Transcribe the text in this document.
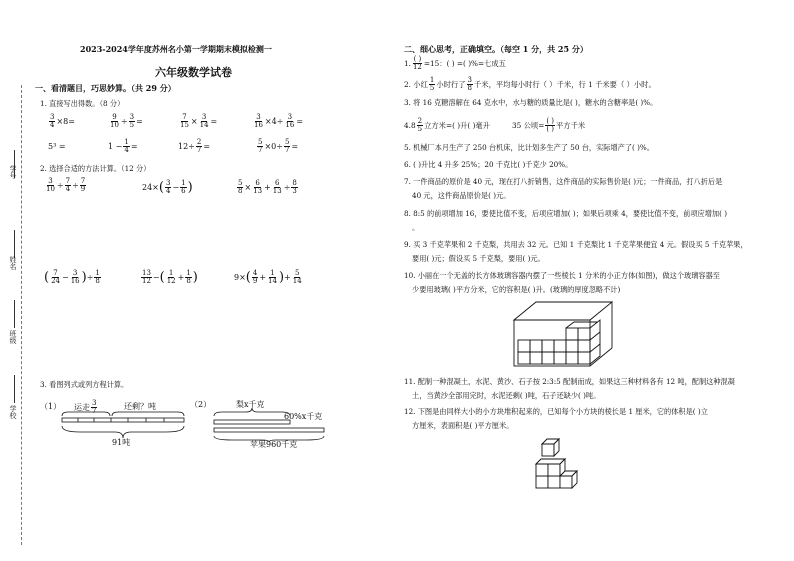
2023-2024学年度苏州名小第一学期期末模拟检测一
六年级数学试卷
学号
姓名
班级
学校
一、看清题目，巧思妙算。（共 29 分）
1. 直接写出得数。（8 分）
$\frac{3}{4} \times 8=$	$\frac{9}{10} \div \frac{3}{5}$ =	$\frac{7}{15} \times \frac{3}{14}$ =	$\frac{3}{16} \times 4\div \frac{3}{16}$ =
5³ =	$1 - \frac{1}{4}$ =	$12\div \frac{2}{7}$ =	$\frac{5}{7} \times 0\div \frac{5}{7}$ =
2. 选择合适的方法计算。（12 分）
$\frac{3}{10} \div \frac{7}{4} \div \frac{7}{9}$	24× ( $\frac{3}{4} - \frac{1}{6}$ )	$\frac{5}{8} \times \frac{6}{13} + \frac{6}{13} \div \frac{8}{3}$
( $\frac{7}{24} - \frac{3}{16}$ ) ÷ $\frac{1}{8}$	$\frac{13}{12}$ − ( $\frac{1}{12} + \frac{1}{8}$ )	9× ( $\frac{4}{9} + \frac{1}{14}$ ) + $\frac{5}{14}$
3. 看图列式或列方程计算。
（1） 运走 $\frac{3}{7}$	还剩？吨
91吨
（2）	梨x千克
60%x千克
苹果960千克
二、细心思考，正确填空。（每空 1 分，共 25 分）
1. $\frac{( )}{12} =15$：( ) =( )%=七成五
2. 小红 $\frac{1}{5}$ 小时行了 $\frac{3}{8}$ 千米，平均每小时行（ ）千米，行 1 千米要（ ）小时。
3. 将 16 克糖溶解在 64 克水中，水与糖的质量比是( )，糖水的含糖率是( )%。
4. $8 \frac{2}{5}$ 立方米=( )升( )毫升	35 公顷= $\frac{( )}{( )}$ 平方千米
5. 机械厂本月生产了 250 台机床，比计划多生产了 50 台，实际增产了( )%。
6. ( )升比 4 升多 25%；20 千克比( )千克少 20%。
7. 一件商品的原价是 40 元，现在打八折销售，这件商品的实际售价是( )元；一件商品，打八折后是
40 元，这件商品原价是( )元。
8. 8:5 的前项增加 16，要使比值不变，后项应增加( )；如果后项乘 4，要使比值不变，前项应增加( )
。
9. 买 3 千克苹果和 2 千克梨，共用去 32 元。已知 1 千克梨比 1 千克苹果便宜 4 元。假设买 5 千克苹果，
要用( )元；假设买 5 千克梨，要用( )元。
10. 小丽在一个无盖的长方体玻璃容器内摆了一些棱长 1 分米的小正方体(如图)，做这个玻璃容器至
少要用玻璃( )平方分米，它的容积是( )升。(玻璃的厚度忽略不计)
11. 配制一种混凝土，水泥、黄沙、石子按 2:3:5 配制而成，如果这三种材料各有 12 吨，配制这种混凝
土，当黄沙全部用完时，水泥还剩( )吨，石子还缺少( )吨。
12. 下图是由同样大小的小方块堆积起来的，已知每个小方块的棱长是 1 厘米，它的体积是( )立
方厘米，表面积是( )平方厘米。
